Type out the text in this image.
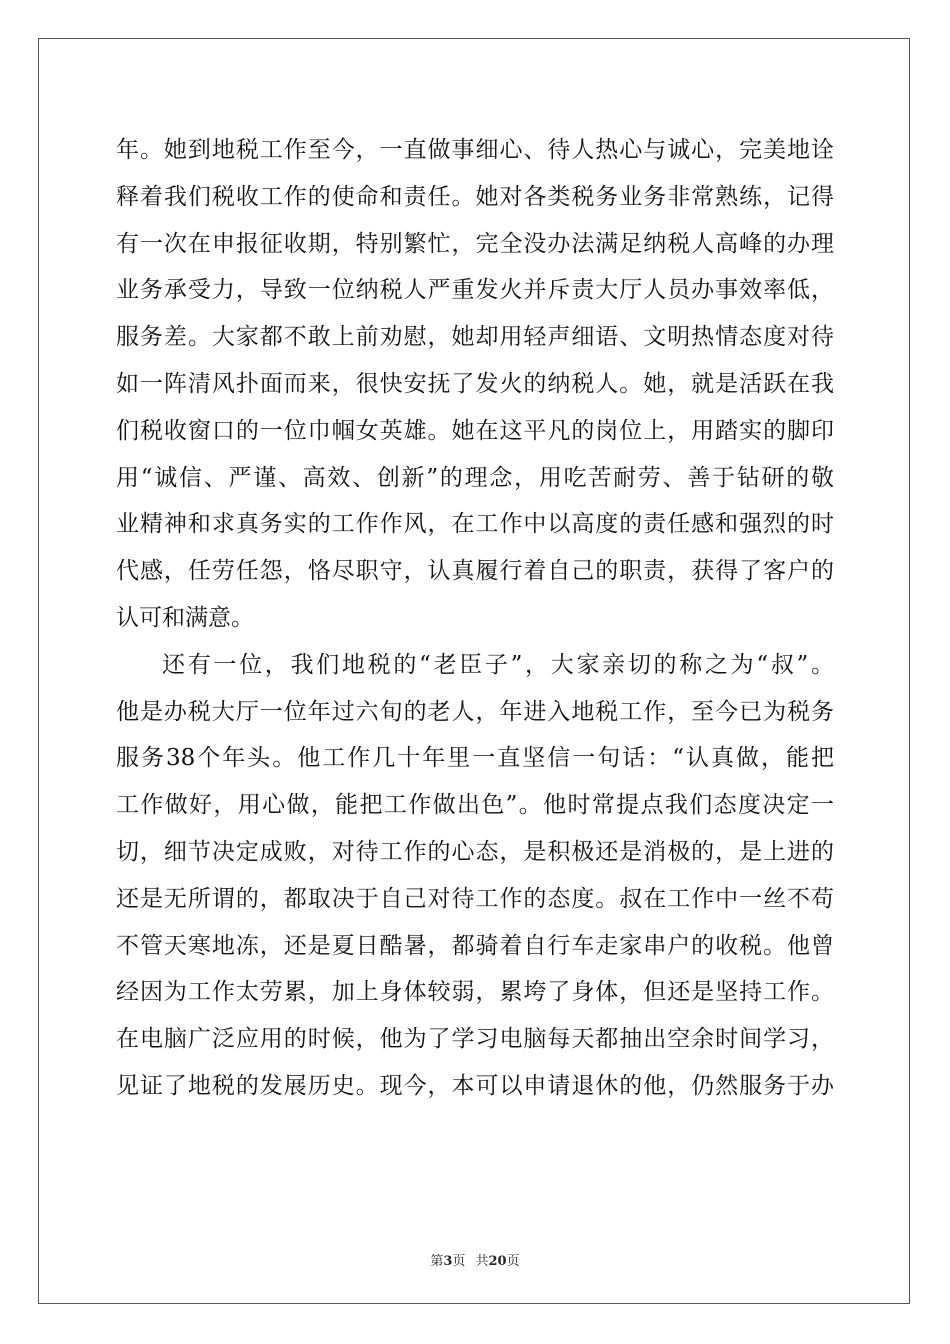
年。她到地税工作至今，一直做事细心、待人热心与诚心，完美地诠
释着我们税收工作的使命和责任。她对各类税务业务非常熟练，记得
有一次在申报征收期，特别繁忙，完全没办法满足纳税人高峰的办理
业务承受力，导致一位纳税人严重发火并斥责大厅人员办事效率低，
服务差。大家都不敢上前劝慰，她却用轻声细语、文明热情态度对待
如一阵清风扑面而来，很快安抚了发火的纳税人。她，就是活跃在我
们税收窗口的一位巾帼女英雄。她在这平凡的岗位上，用踏实的脚印
用“诚信、严谨、高效、创新”的理念，用吃苦耐劳、善于钻研的敬
业精神和求真务实的工作作风，在工作中以高度的责任感和强烈的时
代感，任劳任怨，恪尽职守，认真履行着自己的职责，获得了客户的
认可和满意。
还有一位，我们地税的“老臣子”，大家亲切的称之为“叔”。
他是办税大厅一位年过六旬的老人，年进入地税工作，至今已为税务
服务38个年头。他工作几十年里一直坚信一句话：“认真做，能把
工作做好，用心做，能把工作做出色”。他时常提点我们态度决定一
切，细节决定成败，对待工作的心态，是积极还是消极的，是上进的
还是无所谓的，都取决于自己对待工作的态度。叔在工作中一丝不苟
不管天寒地冻，还是夏日酷暑，都骑着自行车走家串户的收税。他曾
经因为工作太劳累，加上身体较弱，累垮了身体，但还是坚持工作。
在电脑广泛应用的时候，他为了学习电脑每天都抽出空余时间学习，
见证了地税的发展历史。现今，本可以申请退休的他，仍然服务于办
第3页 共20页
